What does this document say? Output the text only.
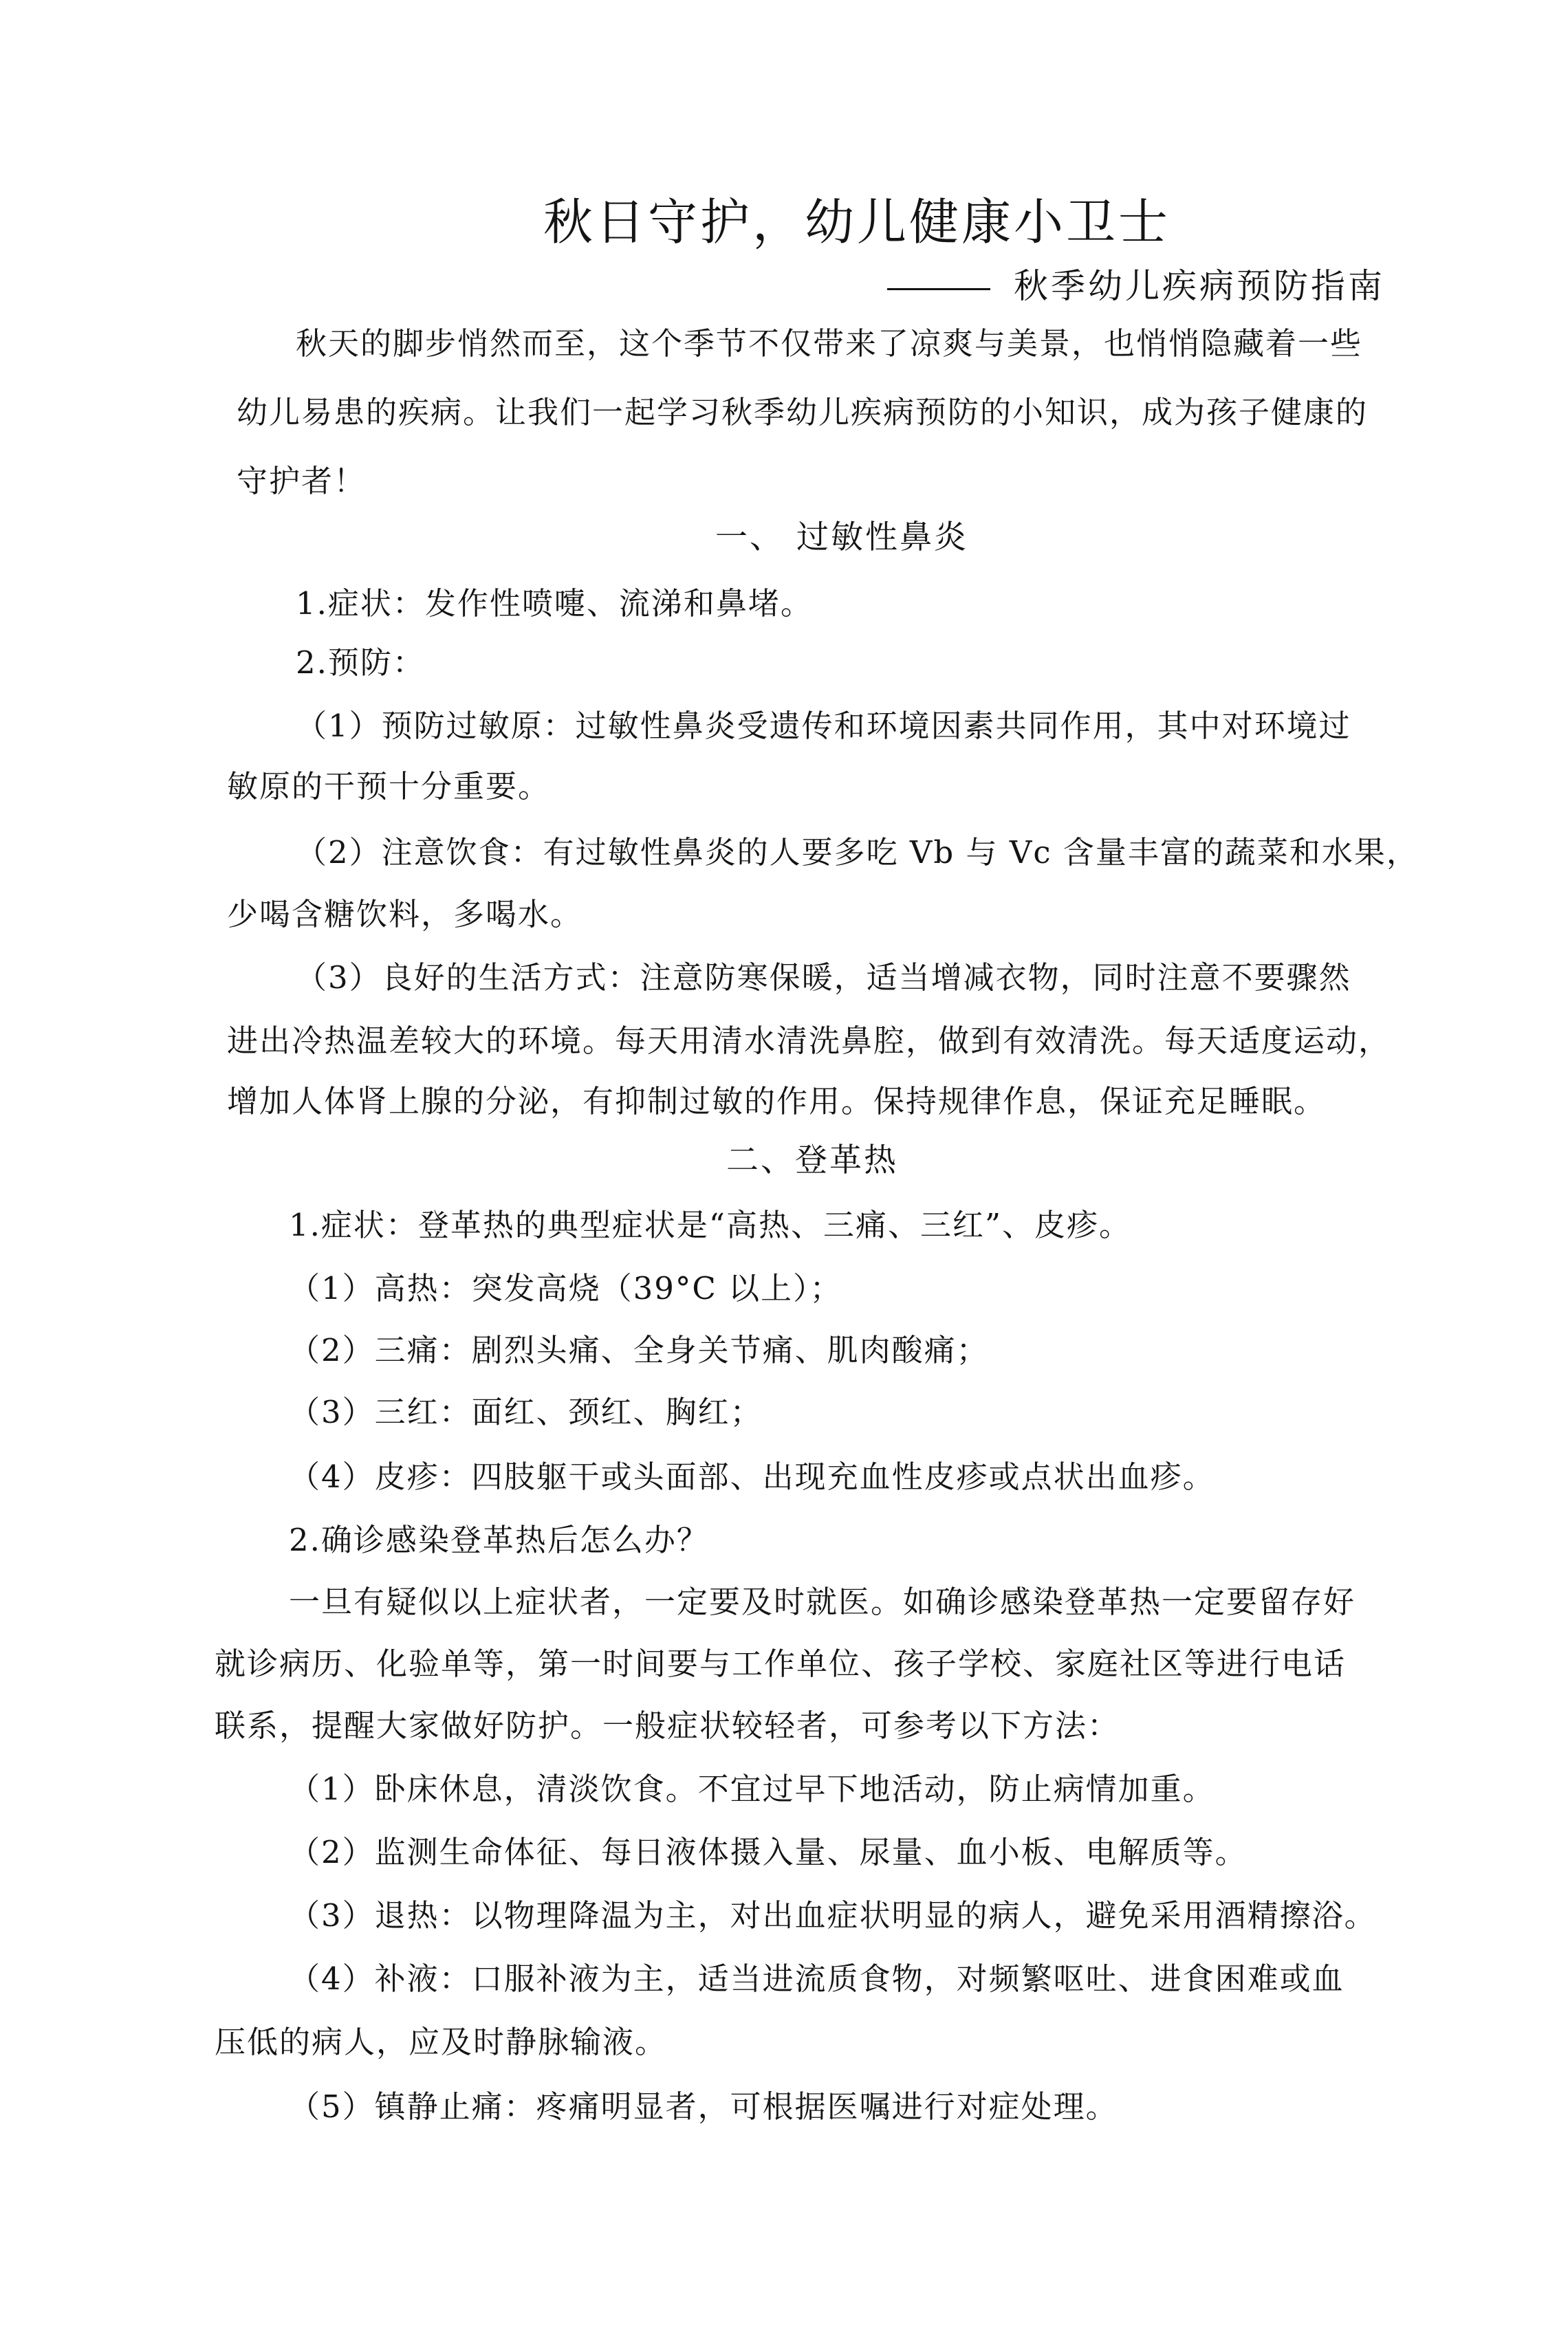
秋日守护，幼儿健康小卫士
秋季幼儿疾病预防指南
秋天的脚步悄然而至，这个季节不仅带来了凉爽与美景，也悄悄隐藏着一些
幼儿易患的疾病。让我们一起学习秋季幼儿疾病预防的小知识，成为孩子健康的
守护者！
一、 过敏性鼻炎
1.症状：发作性喷嚏、流涕和鼻堵。
2.预防：
（1）预防过敏原：过敏性鼻炎受遗传和环境因素共同作用，其中对环境过
敏原的干预十分重要。
（2）注意饮食：有过敏性鼻炎的人要多吃 Vb 与 Vc 含量丰富的蔬菜和水果，
少喝含糖饮料，多喝水。
（3）良好的生活方式：注意防寒保暖，适当增减衣物，同时注意不要骤然
进出冷热温差较大的环境。每天用清水清洗鼻腔，做到有效清洗。每天适度运动，
增加人体肾上腺的分泌，有抑制过敏的作用。保持规律作息，保证充足睡眠。
二、登革热
1.症状：登革热的典型症状是“高热、三痛、三红”、皮疹。
（1）高热：突发高烧（39°C 以上）；
（2）三痛：剧烈头痛、全身关节痛、肌肉酸痛；
（3）三红：面红、颈红、胸红；
（4）皮疹：四肢躯干或头面部、出现充血性皮疹或点状出血疹。
2.确诊感染登革热后怎么办？
一旦有疑似以上症状者，一定要及时就医。如确诊感染登革热一定要留存好
就诊病历、化验单等，第一时间要与工作单位、孩子学校、家庭社区等进行电话
联系，提醒大家做好防护。一般症状较轻者，可参考以下方法：
（1）卧床休息，清淡饮食。不宜过早下地活动，防止病情加重。
（2）监测生命体征、每日液体摄入量、尿量、血小板、电解质等。
（3）退热：以物理降温为主，对出血症状明显的病人，避免采用酒精擦浴。
（4）补液：口服补液为主，适当进流质食物，对频繁呕吐、进食困难或血
压低的病人，应及时静脉输液。
（5）镇静止痛：疼痛明显者，可根据医嘱进行对症处理。
